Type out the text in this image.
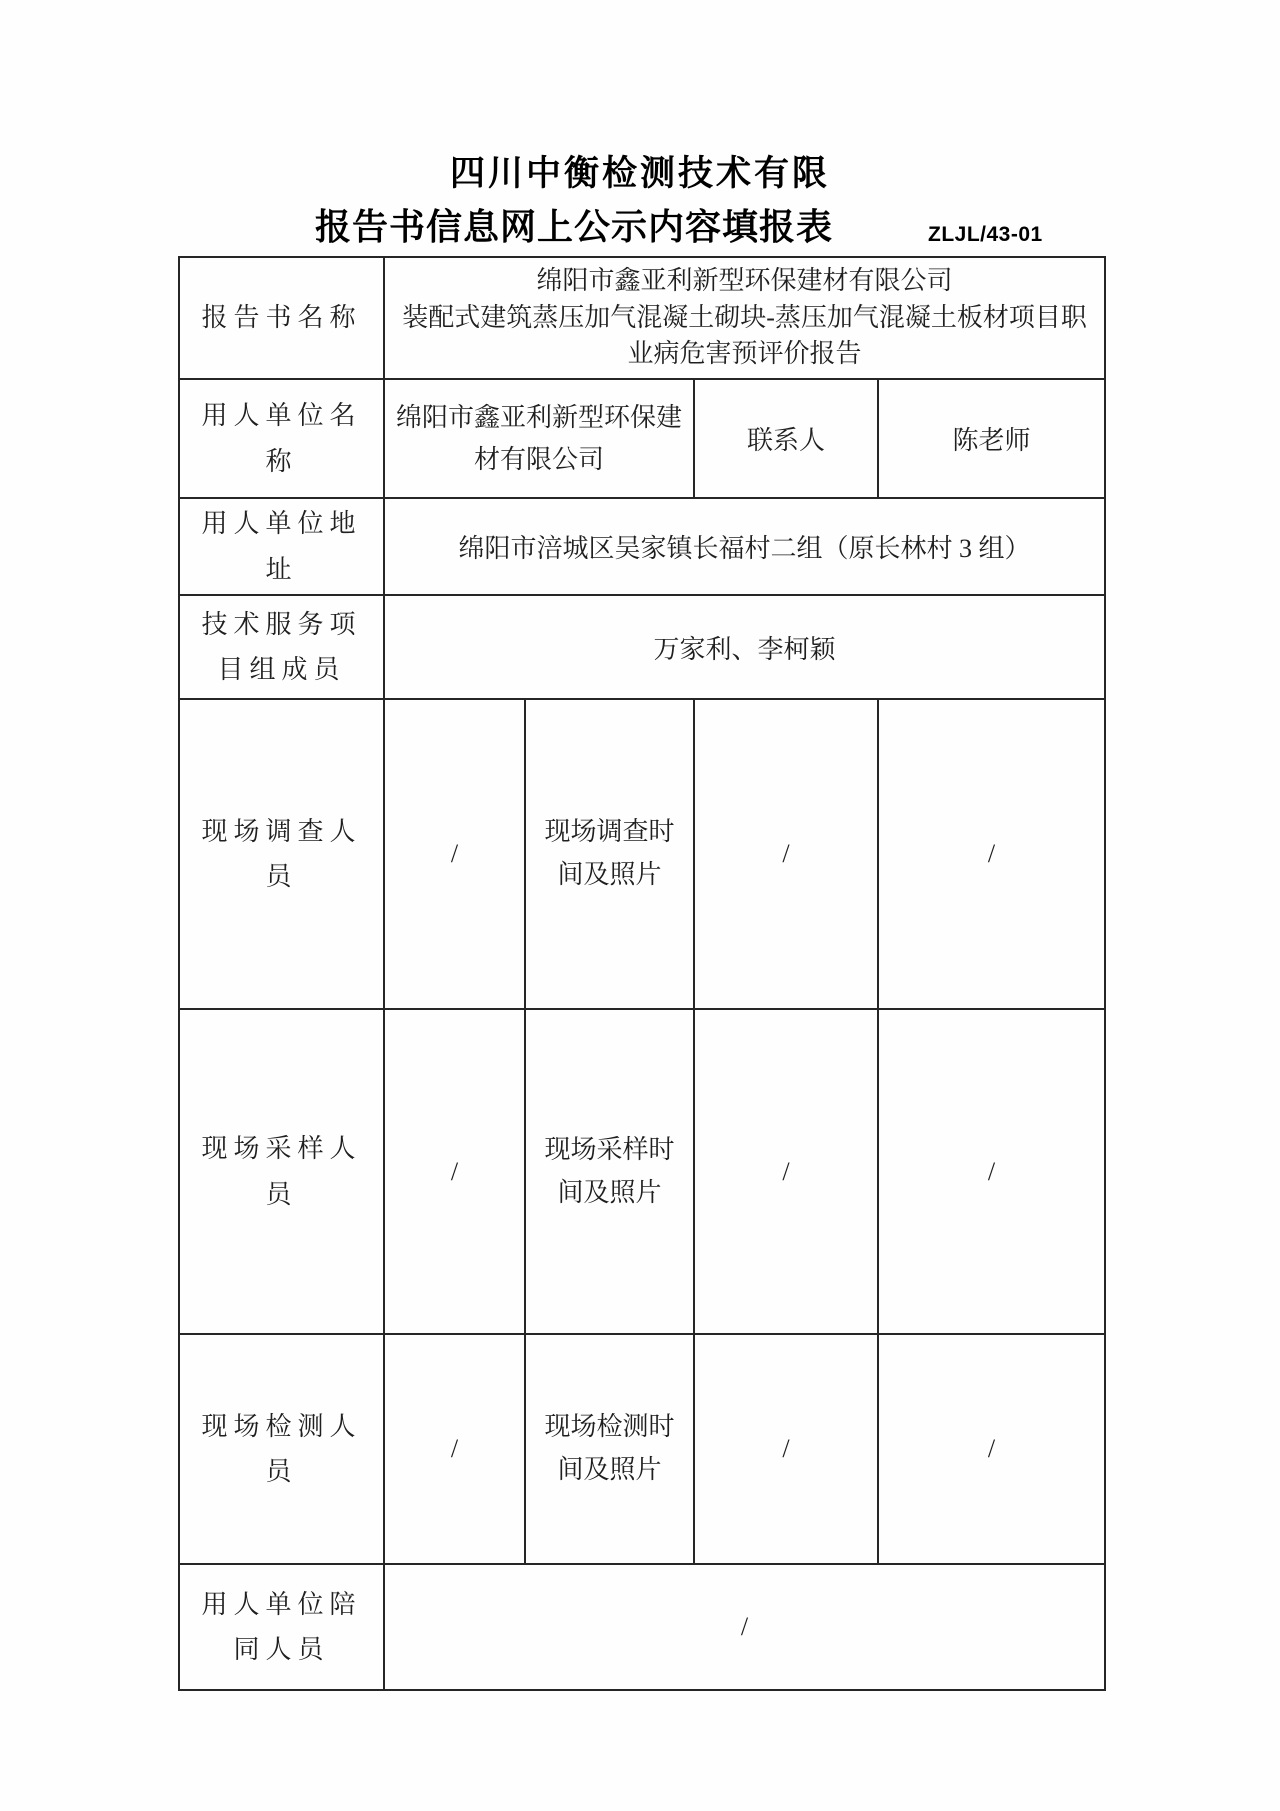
四川中衡检测技术有限
报告书信息网上公示内容填报表	ZLJL/43-01
报告书名称	绵阳市鑫亚利新型环保建材有限公司
装配式建筑蒸压加气混凝土砌块-蒸压加气混凝土板材项目职业病危害预评价报告			

用人单位名称	绵阳市鑫亚利新型环保建材有限公司		联系人	陈老师
用人单位地址	绵阳市涪城区吴家镇长福村二组（原长林村 3 组）			
技术服务项目组成员	万家利、李柯颖			
现场调查人员	/	现场调查时间及照片	/	/
现场采样人员	/	现场采样时间及照片	/	/
现场检测人员	/	现场检测时间及照片	/	/
用人单位陪同人员	/			
